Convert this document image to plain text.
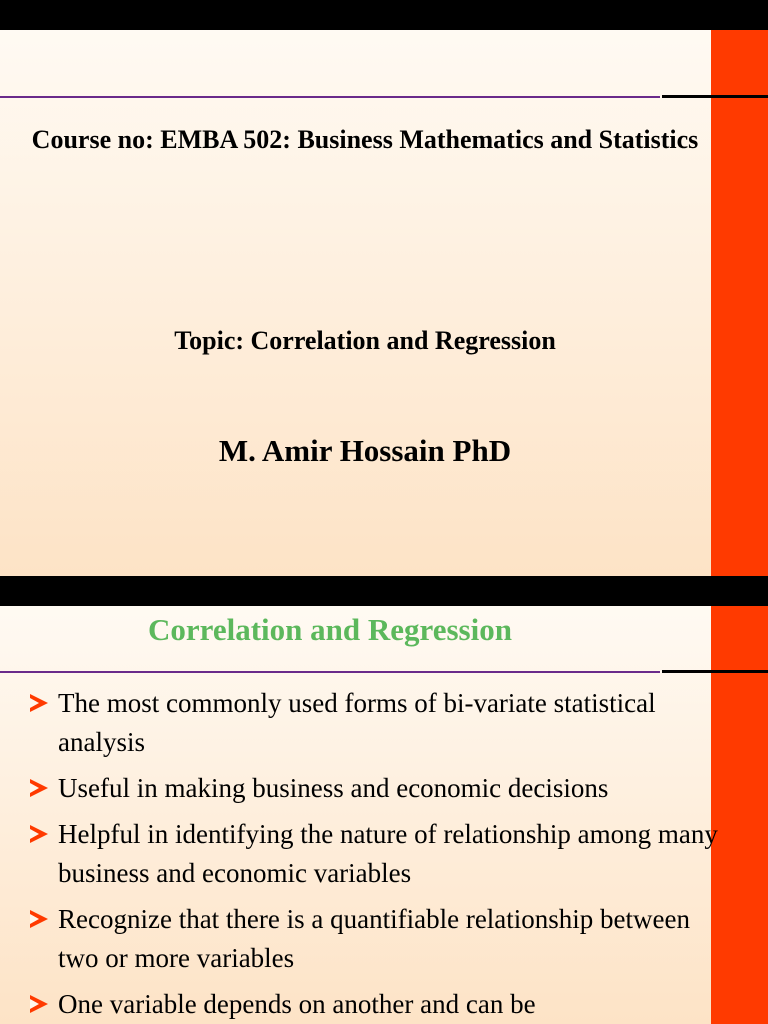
Course no: EMBA 502: Business Mathematics and Statistics
Topic: Correlation and Regression
M. Amir Hossain PhD
Correlation and Regression
The most commonly used forms of bi-variate statistical analysis
Useful in making business and economic decisions
Helpful in identifying the nature of relationship among many business and economic variables
Recognize that there is a quantifiable relationship between two or more variables
One variable depends on another and can be
